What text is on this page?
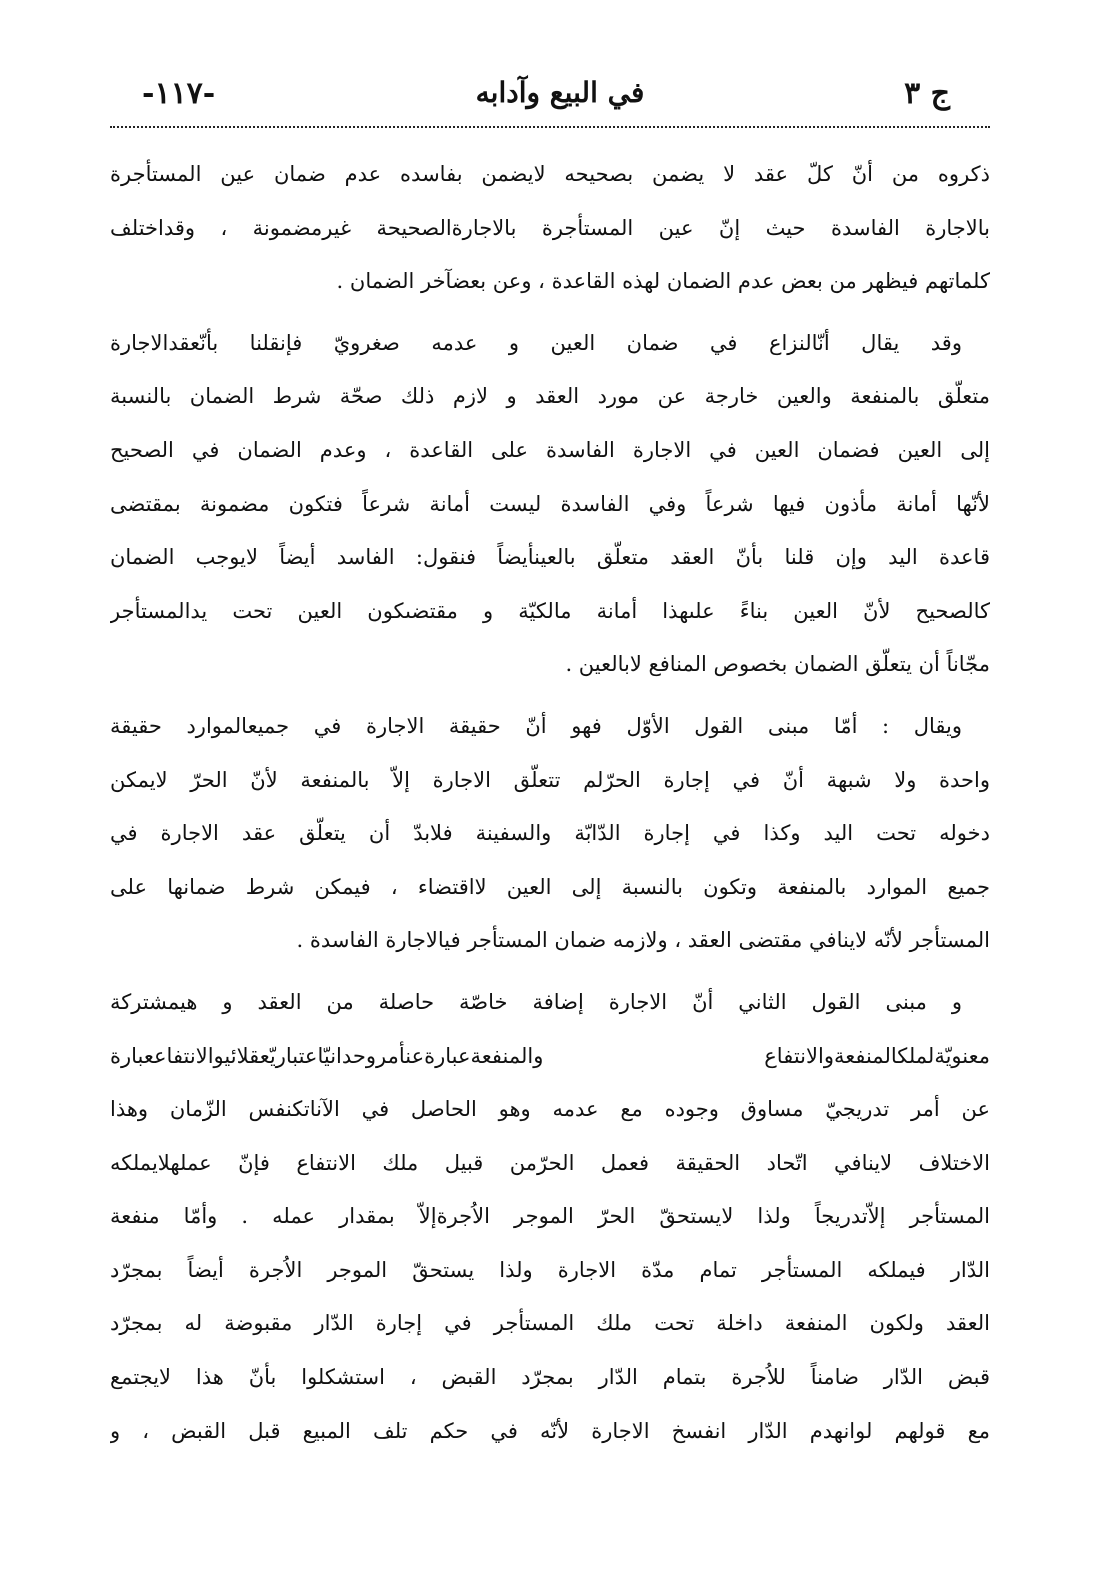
ج ٣
في البيع وآدابه
-١١٧-
ذكروه من أنّ كلّ عقد لا يضمن بصحيحه لايضمن بفاسده عدم ضمان عين المستأجرة
بالاجارة الفاسدة حيث إنّ عين المستأجرة بالاجارةالصحيحة غيرمضمونة ، وقداختلف
كلماتهم فيظهر من بعض عدم الضمان لهذه القاعدة ، وعن بعضآخر الضمان .
وقد يقال أنّالنزاع في ضمان العين و عدمه صغرويّ فإنقلنا بأنّعقدالاجارة
متعلّق بالمنفعة والعين خارجة عن مورد العقد و لازم ذلك صحّة شرط الضمان بالنسبة
إلى العين فضمان العين في الاجارة الفاسدة على القاعدة ، وعدم الضمان في الصحيح
لأنّها أمانة مأذون فيها شرعاً وفي الفاسدة ليست أمانة شرعاً فتكون مضمونة بمقتضى
قاعدة اليد وإن قلنا بأنّ العقد متعلّق بالعينأيضاً فنقول: الفاسد أيضاً لايوجب الضمان
كالصحيح لأنّ العين بناءً علىهذا أمانة مالكيّة و مقتضىكون العين تحت يدالمستأجر
مجّاناً أن يتعلّق الضمان بخصوص المنافع لابالعين .
ويقال : أمّا مبنى القول الأوّل فهو أنّ حقيقة الاجارة في جميعالموارد حقيقة
واحدة ولا شبهة أنّ في إجارة الحرّلم تتعلّق الاجارة إلاّ بالمنفعة لأنّ الحرّ لايمكن
دخوله تحت اليد وكذا في إجارة الدّابّة والسفينة فلابدّ أن يتعلّق عقد الاجارة في
جميع الموارد بالمنفعة وتكون بالنسبة إلى العين لااقتضاء ، فيمكن شرط ضمانها على
المستأجر لأنّه لاينافي مقتضى العقد ، ولازمه ضمان المستأجر فيالاجارة الفاسدة .
و مبنى القول الثاني أنّ الاجارة إضافة خاصّة حاصلة من العقد و هيمشتركة
معنويّةلملكالمنفعةوالانتفاع والمنفعةعبارةعنأمروحدانيّاعتباريّعقلائيوالانتفاععبارة
عن أمر تدريجيّ مساوق وجوده مع عدمه وهو الحاصل في الآناتكنفس الزّمان وهذا
الاختلاف لاينافي اتّحاد الحقيقة فعمل الحرّمن قبيل ملك الانتفاع فإنّ عملهلايملكه
المستأجر إلاّتدريجاً ولذا لايستحقّ الحرّ الموجر الاُجرةإلاّ بمقدار عمله . وأمّا منفعة
الدّار فيملكه المستأجر تمام مدّة الاجارة ولذا يستحقّ الموجر الاُجرة أيضاً بمجرّد
العقد ولكون المنفعة داخلة تحت ملك المستأجر في إجارة الدّار مقبوضة له بمجرّد
قبض الدّار ضامناً للاُجرة بتمام الدّار بمجرّد القبض ، استشكلوا بأنّ هذا لايجتمع
مع قولهم لوانهدم الدّار انفسخ الاجارة لأنّه في حكم تلف المبيع قبل القبض ، و
